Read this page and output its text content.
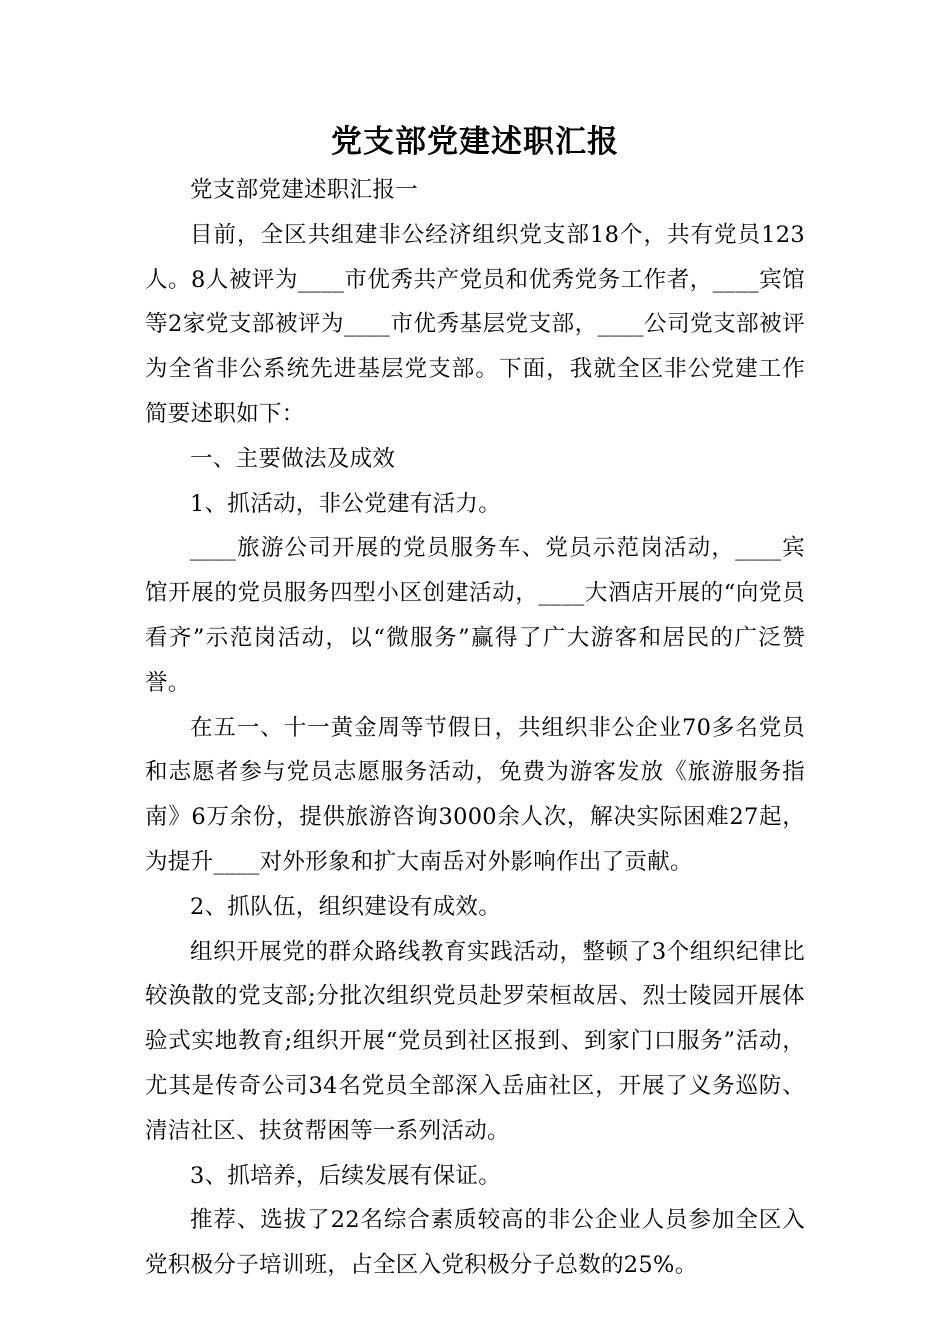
党支部党建述职汇报

党支部党建述职汇报一

目前，全区共组建非公经济组织党支部18个，共有党员123人。8人被评为____市优秀共产党员和优秀党务工作者，____宾馆等2家党支部被评为____市优秀基层党支部，____公司党支部被评为全省非公系统先进基层党支部。下面，我就全区非公党建工作简要述职如下：

一、主要做法及成效

1、抓活动，非公党建有活力。

____旅游公司开展的党员服务车、党员示范岗活动，____宾馆开展的党员服务四型小区创建活动，____大酒店开展的“向党员看齐”示范岗活动，以“微服务”赢得了广大游客和居民的广泛赞誉。

在五一、十一黄金周等节假日，共组织非公企业70多名党员和志愿者参与党员志愿服务活动，免费为游客发放《旅游服务指南》6万余份，提供旅游咨询3000余人次，解决实际困难27起，为提升____对外形象和扩大南岳对外影响作出了贡献。

2、抓队伍，组织建设有成效。

组织开展党的群众路线教育实践活动，整顿了3个组织纪律比较涣散的党支部;分批次组织党员赴罗荣桓故居、烈士陵园开展体验式实地教育;组织开展“党员到社区报到、到家门口服务”活动，尤其是传奇公司34名党员全部深入岳庙社区，开展了义务巡防、清洁社区、扶贫帮困等一系列活动。

3、抓培养，后续发展有保证。

推荐、选拔了22名综合素质较高的非公企业人员参加全区入党积极分子培训班，占全区入党积极分子总数的25%。
